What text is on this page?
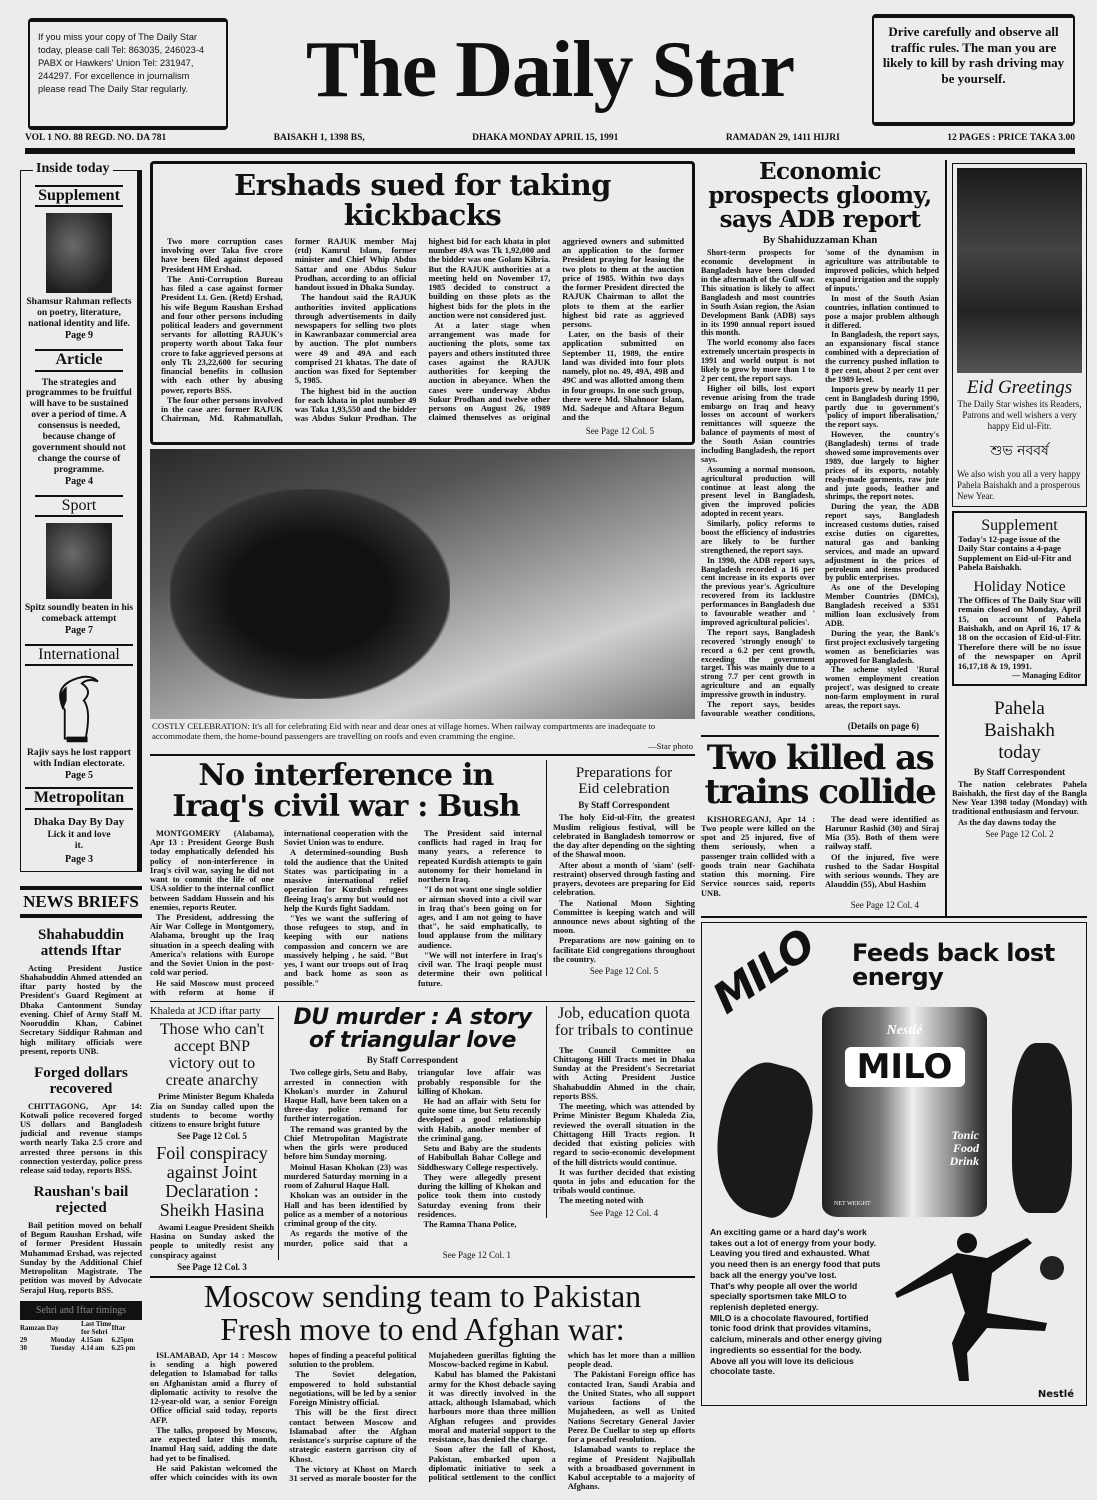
If you miss your copy of The Daily Star today, please call Tel: 863035, 246023-4 PABX or Hawkers' Union Tel: 231947, 244297. For excellence in journalism please read The Daily Star regularly.	The Daily Star	Drive carefully and observe all traffic rules. The man you are likely to kill by rash driving may be yourself.
VOL 1 NO. 88 REGD. NO. DA 781	BAISAKH 1, 1398 BS,	DHAKA MONDAY APRIL 15, 1991	RAMADAN 29, 1411 HIJRI	12 PAGES : PRICE TAKA 3.00
Inside today
Supplement
Shamsur Rahman reflects on poetry, literature, national identity and life.
Page 9
Article
The strategies and programmes to be fruitful will have to be sustained over a period of time. A consensus is needed, because change of government should not change the course of programme.
Page 4
Sport
Spitz soundly beaten in his comeback attempt
Page 7
International
Rajiv says he lost rapport with Indian electorate.
Page 5
Metropolitan
Dhaka Day By Day
Lick it and love it.
Page 3
NEWS BRIEFS
Shahabuddin attends Iftar
Acting President Justice Shahabuddin Ahmed attended an iftar party hosted by the President's Guard Regiment at Dhaka Cantonment Sunday evening. Chief of Army Staff M. Nooruddin Khan, Cabinet Secretary Siddiqur Rahman and high military officials were present, reports UNB.
Forged dollars recovered
CHITTAGONG, Apr 14: Kotwali police recovered forged US dollars and Bangladesh judicial and revenue stamps worth nearly Taka 2.5 crore and arrested three persons in this connection yesterday, police press release said today, reports BSS.
Raushan's bail rejected
Bail petition moved on behalf of Begum Raushan Ershad, wife of former President Hussain Muhammad Ershad, was rejected Sunday by the Additional Chief Metropolitan Magistrate. The petition was moved by Advocate Serajul Huq, reports BSS.
Sehri and Iftar timings
Ramzan Day		Last Time for Sehri	Iftar
29	Monday	4.15am	6.25pm
30	Tuesday	4.14 am	6.25 pm
Ershads sued for taking kickbacks

Two more corruption cases involving over Taka five crore have been filed against deposed President HM Ershad.

The Anti-Corruption Bureau has filed a case against former President Lt. Gen. (Retd) Ershad, his wife Begum Raushan Ershad and four other persons including political leaders and government servants for allotting RAJUK's property worth about Taka four crore to fake aggrieved persons at only Tk 23,22,600 for securing financial benefits in collusion with each other by abusing power, reports BSS.

The four other persons involved in the case are: former RAJUK Chairman, Md. Rahmatullah, former RAJUK member Maj (rtd) Kamrul Islam, former minister and Chief Whip Abdus Sattar and one Abdus Sukur Prodhan, according to an official handout issued in Dhaka Sunday.

The handout said the RAJUK authorities invited applications through advertisements in daily newspapers for selling two plots in Kawranbazar commercial area by auction. The plot numbers were 49 and 49A and each comprised 21 khatas. The date of auction was fixed for September 5, 1985.

The highest bid in the auction for each khata in plot number 49 was Taka 1,93,550 and the bidder was Abdus Sukur Prodhan. The highest bid for each khata in plot number 49A was Tk 1,92,000 and the bidder was one Golam Kibria. But the RAJUK authorities at a meeting held on November 17, 1985 decided to construct a building on those plots as the highest bids for the plots in the auction were not considered just.

At a later stage when arrangement was made for auctioning the plots, some tax payers and others instituted three cases against the RAJUK authorities for keeping the auction in abeyance. When the cases were underway Abdus Sukur Prodhan and twelve other persons on August 26, 1989 claimed themselves as original aggrieved owners and submitted an application to the former President praying for leasing the two plots to them at the auction price of 1985. Within two days the former President directed the RAJUK Chairman to allot the plots to them at the earlier highest bid rate as aggrieved persons.

Later, on the basis of their application submitted on September 11, 1989, the entire land was divided into four plots namely, plot no. 49, 49A, 49B and 49C and was allotted among them in four groups. In one such group, there were Md. Shahnoor Islam, Md. Sadeque and Aftara Begum and the

See Page 12 Col. 5
COSTLY CELEBRATION: It's all for celebrating Eid with near and dear ones at village homes. When railway compartments are inadequate to accommodate them, the home-bound passengers are travelling on roofs and even cramming the engine.
—Star photo
No interference in Iraq's civil war : Bush

MONTGOMERY (Alabama), Apr 13 : President George Bush today emphatically defended his policy of non-interference in Iraq's civil war, saying he did not want to commit the life of one USA soldier to the internal conflict between Saddam Hussein and his enemies, reports Reuter.

The President, addressing the Air War College in Montgomery, Alabama, brought up the Iraq situation in a speech dealing with America's relations with Europe and the Soviet Union in the post-cold war period.

He said Moscow must proceed with reform at home if international cooperation with the Soviet Union was to endure.

A determined-sounding Bush told the audience that the United States was participating in a massive international relief operation for Kurdish refugees fleeing Iraq's army but would not help the Kurds fight Saddam.

"Yes we want the suffering of those refugees to stop, and in keeping with our nations compassion and concern we are massively helping , he said. "But yes, I want our troops out of Iraq and back home as soon as possible."

The President said internal conflicts had raged in Iraq for many years, a reference to repeated Kurdish attempts to gain autonomy for their homeland in northern Iraq.

"I do not want one single soldier or airman shoved into a civil war in Iraq that's been going on for ages, and I am not going to have that", he said emphatically, to loud applause from the military audience.

"We will not interfere in Iraq's civil war. The Iraqi people must determine their own political future.

Preparations for Eid celebration
By Staff Correspondent

The holy Eid-ul-Fitr, the greatest Muslim religious festival, will be celebrated in Bangladesh tomorrow or the day after depending on the sighting of the Shawal moon.

After about a month of 'siam' (self-restraint) observed through fasting and prayers, devotees are preparing for Eid celebration.

The National Moon Sighting Committee is keeping watch and will announce news about sighting of the moon.

Preparations are now gaining on to facilitate Eid congregations throughout the country.

See Page 12 Col. 5
Khaleda at JCD iftar party
Those who can't accept BNP victory out to create anarchy
Prime Minister Begum Khaleda Zia on Sunday called upon the students to become worthy citizens to ensure bright future
See Page 12 Col. 5
Foil conspiracy against Joint Declaration : Sheikh Hasina
Awami League President Sheikh Hasina on Sunday asked the people to unitedly resist any conspiracy against
See Page 12 Col. 3
DU murder : A story of triangular love
By Staff Correspondent

Two college girls, Setu and Baby, arrested in connection with Khokan's murder in Zahurul Haque Hall, have been taken on a three-day police remand for further interrogation.

The remand was granted by the Chief Metropolitan Magistrate when the girls were produced before him Sunday morning.

Moinul Hasan Khokan (23) was murdered Saturday morning in a room of Zahurul Haque Hall.

Khokan was an outsider in the Hall and has been identified by police as a member of a notorious criminal group of the city.

As regards the motive of the murder, police said that a triangular love affair was probably responsible for the killing of Khokan.

He had an affair with Setu for quite some time, but Setu recently developed a good relationship with Habib, another member of the criminal gang.

Setu and Baby are the students of Habibullah Bahar College and Siddheswary College respectively.

They were allegedly present during the killing of Khokan and police took them into custody Saturday evening from their residences.

The Ramna Thana Police,

See Page 12 Col. 1
Job, education quota for tribals to continue

The Council Committee on Chittagong Hill Tracts met in Dhaka Sunday at the President's Secretariat with Acting President Justice Shahabuddin Ahmed in the chair, reports BSS.

The meeting, which was attended by Prime Minister Begum Khaleda Zia, reviewed the overall situation in the Chittagong Hill Tracts region. It decided that existing policies with regard to socio-economic development of the hill districts would continue.

It was further decided that existing quota in jobs and education for the tribals would continue.

The meeting noted with

See Page 12 Col. 4
Moscow sending team to Pakistan
Fresh move to end Afghan war:

ISLAMABAD, Apr 14 : Moscow is sending a high powered delegation to Islamabad for talks on Afghanistan amid a flurry of diplomatic activity to resolve the 12-year-old war, a senior Foreign Office official said today, reports AFP.

The talks, proposed by Moscow, are expected later this month, Inamul Haq said, adding the date had yet to be finalised.

He said Pakistan welcomed the offer which coincides with its own hopes of finding a peaceful political solution to the problem.

The Soviet delegation, empowered to hold substantial negotiations, will be led by a senior Foreign Ministry official.

This will be the first direct contact between Moscow and Islamabad after the Afghan resistance's surprise capture of the strategic eastern garrison city of Khost.

The victory at Khost on March 31 served as morale booster for the Mujahedeen guerillas fighting the Moscow-backed regime in Kabul.

Kabul has blamed the Pakistani army for the Khost debacle saying it was directly involved in the attack, although Islamabad, which harbours more than three million Afghan refugees and provides moral and material support to the resistance, has denied the charge.

Soon after the fall of Khost, Pakistan, embarked upon a diplomatic initiative to seek a political settlement to the conflict which has let more than a million people dead.

The Pakistani Foreign office has contacted Iran, Saudi Arabia and the United States, who all support various factions of the Mujahedeen, as well as United Nations Secretary General Javier Perez De Cuellar to step up efforts for a peaceful resolution.

Islamabad wants to replace the regime of President Najibullah with a broadbased government in Kabul acceptable to a majority of Afghans.

Economic prospects gloomy, says ADB report
By Shahiduzzaman Khan

Short-term prospects for economic development in Bangladesh have been clouded in the aftermath of the Gulf war. This situation is likely to affect Bangladesh and most countries in South Asian region, the Asian Development Bank (ADB) says in its 1990 annual report issued this month.

The world economy also faces extremely uncertain prospects in 1991 and world output is not likely to grow by more than 1 to 2 per cent, the report says.

Higher oil bills, lost export revenue arising from the trade embargo on Iraq and heavy losses on account of workers remittances will squeeze the balance of payments of most of the South Asian countries including Bangladesh, the report says.

Assuming a normal monsoon, agricultural production will continue at least along the present level in Bangladesh, given the improved policies adopted in recent years.

Similarly, policy reforms to boost the efficiency of industries are likely to be further strengthened, the report says.

In 1990, the ADB report says, Bangladesh recorded a 16 per cent increase in its exports over the previous year's. Agriculture recovered from its lacklustre performances in Bangladesh due to favourable weather and ' improved agricultural policies'.

The report says, Bangladesh recovered 'strongly enough' to record a 6.2 per cent growth, exceeding the government target. This was mainly due to a strong 7.7 per cent growth in agriculture and an equally impressive growth in industry.

The report says, besides favourable weather conditions, 'some of the dynamism in agriculture was attributable to improved policies, which helped expand irrigation and the supply of inputs.'

In most of the South Asian countries, inflation continued to pose a major problem although it differed.

In Bangladesh, the report says, an expansionary fiscal stance combined with a depreciation of the currency pushed inflation to 8 per cent, about 2 per cent over the 1989 level.

Imports grew by nearly 11 per cent in Bangladesh during 1990, partly due to government's 'policy of import liberalisation,' the report says.

However, the country's (Bangladesh) terms of trade showed some improvements over 1989, due largely to higher prices of its exports, notably ready-made garments, raw jute and jute goods, leather and shrimps, the report notes.

During the year, the ADB report says, Bangladesh increased customs duties, raised excise duties on cigarettes, natural gas and banking services, and made an upward adjustment in the prices of petroleum and items produced by public enterprises.

As one of the Developing Member Countries (DMCs), Bangladesh received a $351 million loan exclusively from ADB.

During the year, the Bank's first project exclusively targeting women as beneficiaries was approved for Bangladesh.

The scheme styled 'Rural women employment creation project', was designed to create non-farm employment in rural areas, the report says.

(Details on page 6)
Two killed as trains collide

KISHOREGANJ, Apr 14 : Two people were killed on the spot and 25 injured, five of them seriously, when a passenger train collided with a goods train near Gachihata station this morning. Fire Service sources said, reports UNB.

The dead were identified as Harunur Rashid (30) and Siraj Mia (35). Both of them were railway staff.

Of the injured, five were rushed to the Sadar Hospital with serious wounds. They are Alauddin (55), Abul Hashim

See Page 12 Col. 4
Eid Greetings
The Daily Star wishes its Readers, Patrons and well wishers a very happy Eid ul-Fitr.
শুভ নববর্ষ
We also wish you all a very happy Pahela Baishakh and a prosperous New Year.
Supplement
Today's 12-page issue of the Daily Star contains a 4-page Supplement on Eid-ul-Fitr and Pahela Baishakh.
Holiday Notice
The Offices of The Daily Star will remain closed on Monday, April 15, on account of Pahela Baishakh, and on April 16, 17 & 18 on the occasion of Eid-ul-Fitr. Therefore there will be no issue of the newspaper on April 16,17,18 & 19, 1991.
— Managing Editor
Pahela Baishakh today
By Staff Correspondent

The nation celebrates Pahela Baishakh, the first day of the Bangla New Year 1398 today (Monday) with traditional enthusiasm and fervour.

As the day dawns today the

See Page 12 Col. 2
MILO Feeds back lost energy
Nestlé
MILO
Tonic Food Drink
NET WEIGHT
An exciting game or a hard day's work takes out a lot of energy from your body. Leaving you tired and exhausted. What you need then is an energy food that puts back all the energy you've lost.
That's why people all over the world specially sportsmen take MILO to replenish depleted energy.
MILO is a chocolate flavoured, fortified tonic food drink that provides vitamins, calcium, minerals and other energy giving ingredients so essential for the body.
Above all you will love its delicious chocolate taste.
Nestlé
